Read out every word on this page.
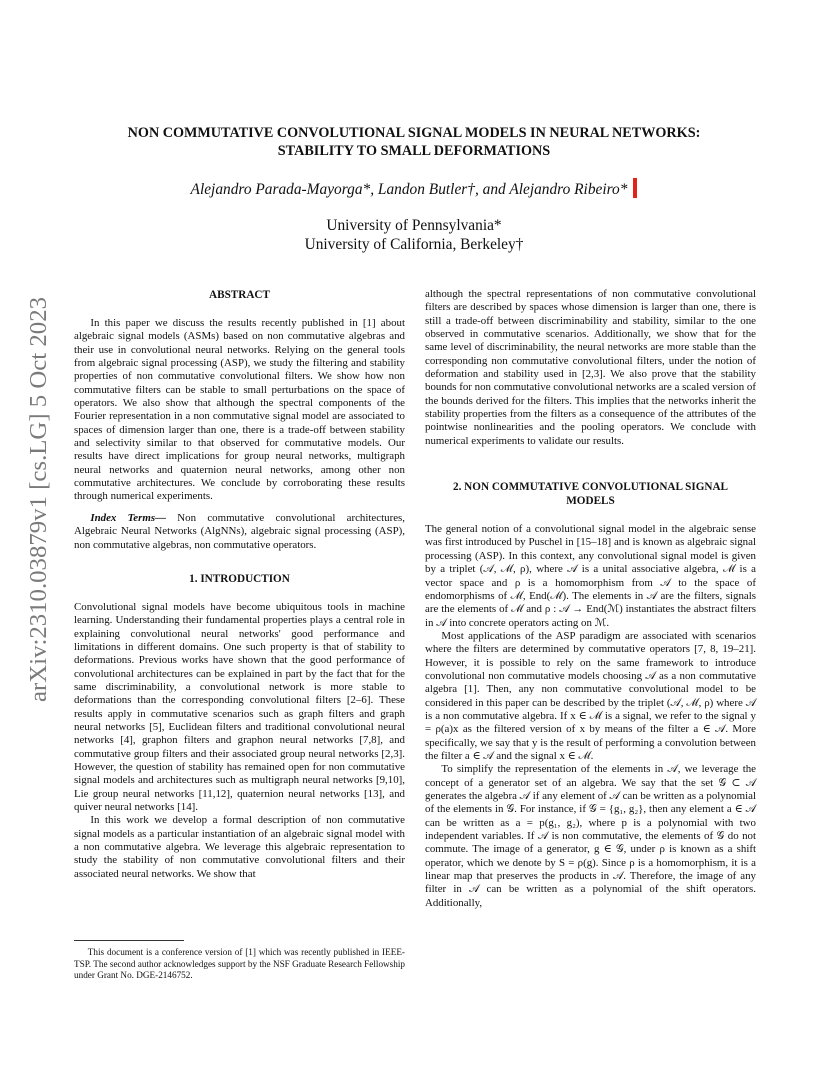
arXiv:2310.03879v1 [cs.LG] 5 Oct 2023
NON COMMUTATIVE CONVOLUTIONAL SIGNAL MODELS IN NEURAL NETWORKS:
STABILITY TO SMALL DEFORMATIONS
Alejandro Parada-Mayorga*, Landon Butler†, and Alejandro Ribeiro*
University of Pennsylvania*
University of California, Berkeley†
ABSTRACT

In this paper we discuss the results recently published in [1] about algebraic signal models (ASMs) based on non commutative algebras and their use in convolutional neural networks. Relying on the general tools from algebraic signal processing (ASP), we study the filtering and stability properties of non commutative convolutional filters. We show how non commutative filters can be stable to small perturbations on the space of operators. We also show that although the spectral components of the Fourier representation in a non commutative signal model are associated to spaces of dimension larger than one, there is a trade-off between stability and selectivity similar to that observed for commutative models. Our results have direct implications for group neural networks, multigraph neural networks and quaternion neural networks, among other non commutative architectures. We conclude by corroborating these results through numerical experiments.

Index Terms— Non commutative convolutional architectures, Algebraic Neural Networks (AlgNNs), algebraic signal processing (ASP), non commutative algebras, non commutative operators.

1. INTRODUCTION

Convolutional signal models have become ubiquitous tools in machine learning. Understanding their fundamental properties plays a central role in explaining convolutional neural networks' good performance and limitations in different domains. One such property is that of stability to deformations. Previous works have shown that the good performance of convolutional architectures can be explained in part by the fact that for the same discriminability, a convolutional network is more stable to deformations than the corresponding convolutional filters [2–6]. These results apply in commutative scenarios such as graph filters and graph neural networks [5], Euclidean filters and traditional convolutional neural networks [4], graphon filters and graphon neural networks [7,8], and commutative group filters and their associated group neural networks [2,3]. However, the question of stability has remained open for non commutative signal models and architectures such as multigraph neural networks [9,10], Lie group neural networks [11,12], quaternion neural networks [13], and quiver neural networks [14].

In this work we develop a formal description of non commutative signal models as a particular instantiation of an algebraic signal model with a non commutative algebra. We leverage this algebraic representation to study the stability of non commutative convolutional filters and their associated neural networks. We show that

This document is a conference version of [1] which was recently published in IEEE-TSP. The second author acknowledges support by the NSF Graduate Research Fellowship under Grant No. DGE-2146752.

although the spectral representations of non commutative convolutional filters are described by spaces whose dimension is larger than one, there is still a trade-off between discriminability and stability, similar to the one observed in commutative scenarios. Additionally, we show that for the same level of discriminability, the neural networks are more stable than the corresponding non commutative convolutional filters, under the notion of deformation and stability used in [2,3]. We also prove that the stability bounds for non commutative convolutional networks are a scaled version of the bounds derived for the filters. This implies that the networks inherit the stability properties from the filters as a consequence of the attributes of the pointwise nonlinearities and the pooling operators. We conclude with numerical experiments to validate our results.

2. NON COMMUTATIVE CONVOLUTIONAL SIGNAL
MODELS

The general notion of a convolutional signal model in the algebraic sense was first introduced by Puschel in [15–18] and is known as algebraic signal processing (ASP). In this context, any convolutional signal model is given by a triplet (𝒜, ℳ, ρ), where 𝒜 is a unital associative algebra, ℳ is a vector space and ρ is a homomorphism from 𝒜 to the space of endomorphisms of ℳ, End(ℳ). The elements in 𝒜 are the filters, signals are the elements of ℳ and ρ : 𝒜 → End(ℳ) instantiates the abstract filters in 𝒜 into concrete operators acting on ℳ.

Most applications of the ASP paradigm are associated with scenarios where the filters are determined by commutative operators [7, 8, 19–21]. However, it is possible to rely on the same framework to introduce convolutional non commutative models choosing 𝒜 as a non commutative algebra [1]. Then, any non commutative convolutional model to be considered in this paper can be described by the triplet (𝒜, ℳ, ρ) where 𝒜 is a non commutative algebra. If x ∈ ℳ is a signal, we refer to the signal y = ρ(a)x as the filtered version of x by means of the filter a ∈ 𝒜. More specifically, we say that y is the result of performing a convolution between the filter a ∈ 𝒜 and the signal x ∈ ℳ.

To simplify the representation of the elements in 𝒜, we leverage the concept of a generator set of an algebra. We say that the set 𝒢 ⊂ 𝒜 generates the algebra 𝒜 if any element of 𝒜 can be written as a polynomial of the elements in 𝒢. For instance, if 𝒢 = {g₁, g₂}, then any element a ∈ 𝒜 can be written as a = p(g₁, g₂), where p is a polynomial with two independent variables. If 𝒜 is non commutative, the elements of 𝒢 do not commute. The image of a generator, g ∈ 𝒢, under ρ is known as a shift operator, which we denote by S = ρ(g). Since ρ is a homomorphism, it is a linear map that preserves the products in 𝒜. Therefore, the image of any filter in 𝒜 can be written as a polynomial of the shift operators. Additionally,
